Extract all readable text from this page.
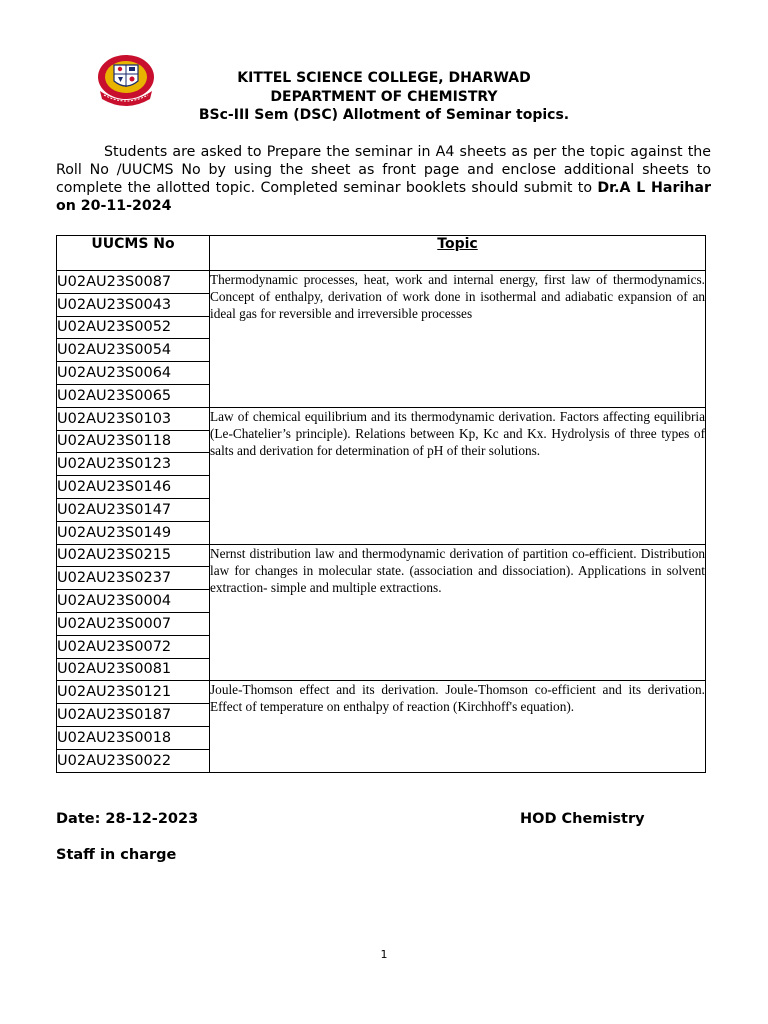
KITTEL SCIENCE COLLEGE, DHARWAD
DEPARTMENT OF CHEMISTRY
BSc-III Sem (DSC) Allotment of Seminar topics.
Students are asked to Prepare the seminar in A4 sheets as per the topic against the Roll No /UUCMS No by using the sheet as front page and enclose additional sheets to complete the allotted topic. Completed seminar booklets should submit to Dr.A L Harihar on 20-11-2024
UUCMS No	Topic
U02AU23S0087	Thermodynamic processes, heat, work and internal energy, first law of thermodynamics. Concept of enthalpy, derivation of work done in isothermal and adiabatic expansion of an ideal gas for reversible and irreversible processes
U02AU23S0043	
U02AU23S0052	
U02AU23S0054	
U02AU23S0064	
U02AU23S0065	
U02AU23S0103	Law of chemical equilibrium and its thermodynamic derivation. Factors affecting equilibria (Le-Chatelier’s principle). Relations between Kp, Kc and Kx. Hydrolysis of three types of salts and derivation for determination of pH of their solutions.
U02AU23S0118	
U02AU23S0123	
U02AU23S0146	
U02AU23S0147	
U02AU23S0149	
U02AU23S0215	Nernst distribution law and thermodynamic derivation of partition co-efficient. Distribution law for changes in molecular state. (association and dissociation). Applications in solvent extraction- simple and multiple extractions.
U02AU23S0237	
U02AU23S0004	
U02AU23S0007	
U02AU23S0072	
U02AU23S0081	
U02AU23S0121	Joule-Thomson effect and its derivation. Joule-Thomson co-efficient and its derivation. Effect of temperature on enthalpy of reaction (Kirchhoff's equation).
U02AU23S0187	
U02AU23S0018	
U02AU23S0022	
Date: 28-12-2023	HOD Chemistry
Staff in charge
1
